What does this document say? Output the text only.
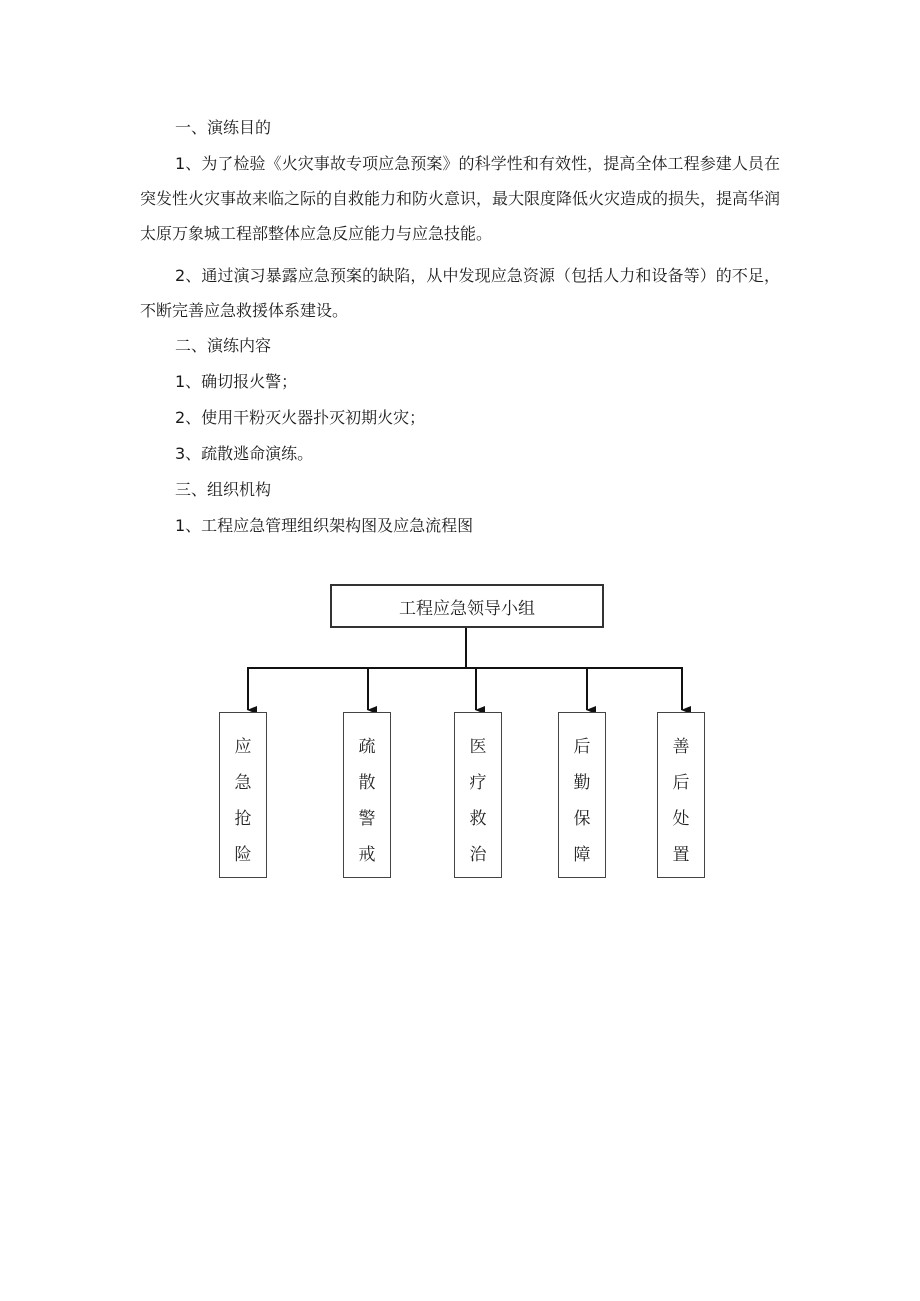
一、演练目的
1、为了检验《火灾事故专项应急预案》的科学性和有效性，提高全体工程参建人员在突发性火灾事故来临之际的自救能力和防火意识，最大限度降低火灾造成的损失，提高华润太原万象城工程部整体应急反应能力与应急技能。
2、通过演习暴露应急预案的缺陷，从中发现应急资源（包括人力和设备等）的不足，不断完善应急救援体系建设。
二、演练内容
1、确切报火警；
2、使用干粉灭火器扑灭初期火灾；
3、疏散逃命演练。
三、组织机构
1、工程应急管理组织架构图及应急流程图
工程应急领导小组
应
急
抢
险
疏
散
警
戒
医
疗
救
治
后
勤
保
障
善
后
处
置
